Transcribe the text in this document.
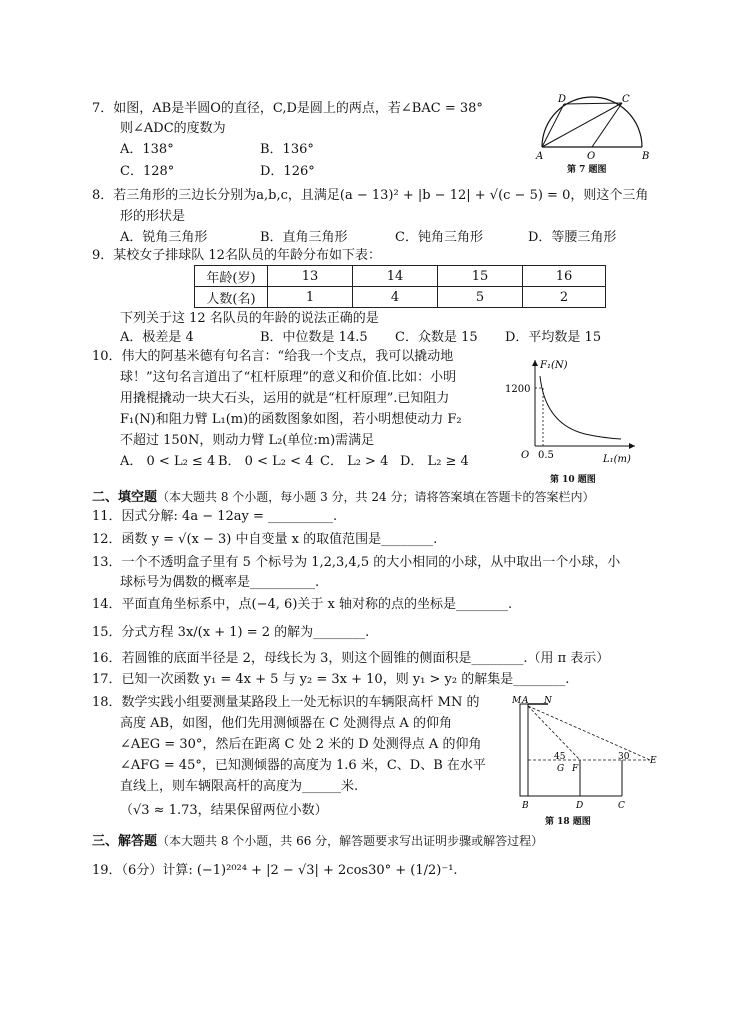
7．如图，AB是半圆O的直径，C,D是圆上的两点，若∠BAC = 38°
则∠ADC的度数为
A．138°	B．136°
C．128°	D．126°
D	C
A	O	B
第 7 题图
8．若三角形的三边长分别为a,b,c，且满足(a − 13)² + |b − 12| + √(c − 5) = 0，则这个三角
形的形状是
A．锐角三角形	B．直角三角形	C．钝角三角形	D．等腰三角形
9．某校女子排球队 12名队员的年龄分布如下表：
年龄(岁)	13	14	15	16
人数(名)	1	4	5	2
下列关于这 12 名队员的年龄的说法正确的是
A．极差是 4	B．中位数是 14.5 C．众数是 15 D．平均数是 15
10．伟大的阿基米德有句名言：“给我一个支点，我可以撬动地
球！”这句名言道出了“杠杆原理”的意义和价值.比如：小明
用撬棍撬动一块大石头，运用的就是“杠杆原理”.已知阻力
F₁(N)和阻力臂 L₁(m)的函数图象如图，若小明想使动力 F₂
不超过 150N，则动力臂 L₂(单位:m)需满足
A． 0 < L₂ ≤ 4 B． 0 < L₂ < 4 C． L₂ > 4 D． L₂ ≥ 4
F₁(N)
1200
O 0.5	L₁(m)
第 10 题图
二、填空题（本大题共 8 个小题，每小题 3 分，共 24 分；请将答案填在答题卡的答案栏内）
11．因式分解: 4a − 12ay = __________.
12．函数 y = √(x − 3) 中自变量 x 的取值范围是________.
13．一个不透明盒子里有 5 个标号为 1,2,3,4,5 的大小相同的小球，从中取出一个小球，小
球标号为偶数的概率是__________.
14．平面直角坐标系中，点(−4, 6)关于 x 轴对称的点的坐标是________.
15．分式方程 3x/(x + 1) = 2 的解为________.
16．若圆锥的底面半径是 2，母线长为 3，则这个圆锥的侧面积是________.（用 π 表示）
17．已知一次函数 y₁ = 4x + 5 与 y₂ = 3x + 10，则 y₁ > y₂ 的解集是________.
18．数学实践小组要测量某路段上一处无标识的车辆限高杆 MN 的
高度 AB，如图，他们先用测倾器在 C 处测得点 A 的仰角
∠AEG = 30°，然后在距离 C 处 2 米的 D 处测得点 A 的仰角
∠AFG = 45°，已知测倾器的高度为 1.6 米，C、D、B 在水平
直线上，则车辆限高杆的高度为______米.
（√3 ≈ 1.73，结果保留两位小数）
M A N
45
G F
30 E
B	D	C
第 18 题图
三、解答题（本大题共 8 个小题，共 66 分，解答题要求写出证明步骤或解答过程）
19．（6分）计算: (−1)²⁰²⁴ + |2 − √3| + 2cos30° + (1/2)⁻¹.
